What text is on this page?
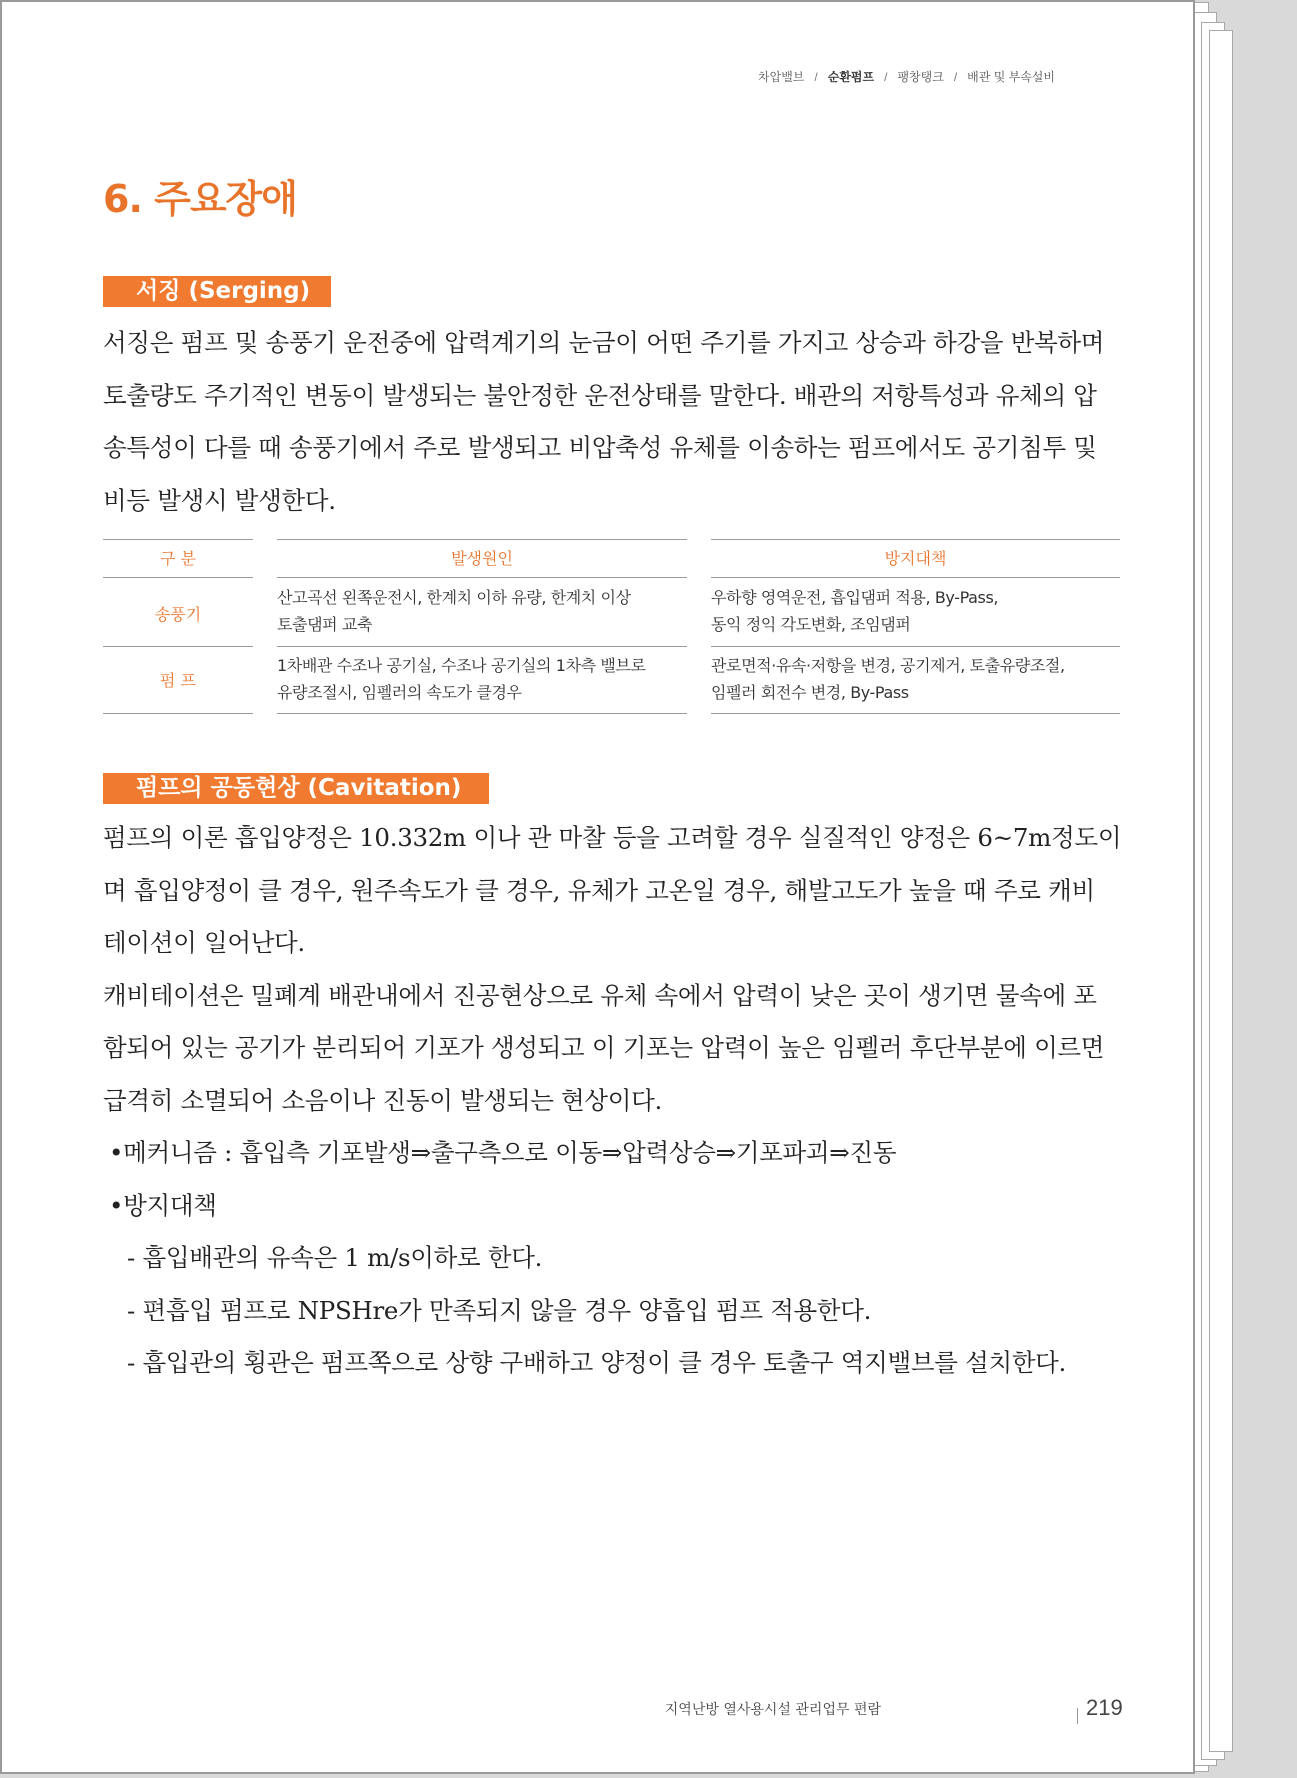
차압밸브 / 순환펌프 / 팽창탱크 / 배관 및 부속설비
6. 주요장애
서징 (Serging)

서징은 펌프 및 송풍기 운전중에 압력계기의 눈금이 어떤 주기를 가지고 상승과 하강을 반복하며
토출량도 주기적인 변동이 발생되는 불안정한 운전상태를 말한다. 배관의 저항특성과 유체의 압
송특성이 다를 때 송풍기에서 주로 발생되고 비압축성 유체를 이송하는 펌프에서도 공기침투 및
비등 발생시 발생한다.

구 분
송풍기
펌 프
발생원인
산고곡선 왼쪽운전시, 한계치 이하 유량, 한계치 이상
토출댐퍼 교축
1차배관 수조나 공기실, 수조나 공기실의 1차측 밸브로
유량조절시, 임펠러의 속도가 클경우
방지대책
우하향 영역운전, 흡입댐퍼 적용, By-Pass,
동익 정익 각도변화, 조임댐퍼
관로면적·유속·저항을 변경, 공기제거, 토출유량조절,
임펠러 회전수 변경, By-Pass
펌프의 공동현상 (Cavitation)

펌프의 이론 흡입양정은 10.332m 이나 관 마찰 등을 고려할 경우 실질적인 양정은 6~7m정도이
며 흡입양정이 클 경우, 원주속도가 클 경우, 유체가 고온일 경우, 해발고도가 높을 때 주로 캐비
테이션이 일어난다.
캐비테이션은 밀폐계 배관내에서 진공현상으로 유체 속에서 압력이 낮은 곳이 생기면 물속에 포
함되어 있는 공기가 분리되어 기포가 생성되고 이 기포는 압력이 높은 임펠러 후단부분에 이르면
급격히 소멸되어 소음이나 진동이 발생되는 현상이다.
•메커니즘 : 흡입측 기포발생⇒출구측으로 이동⇒압력상승⇒기포파괴⇒진동
•방지대책
- 흡입배관의 유속은 1 m/s이하로 한다.
- 편흡입 펌프로 NPSHre가 만족되지 않을 경우 양흡입 펌프 적용한다.
- 흡입관의 횡관은 펌프쪽으로 상향 구배하고 양정이 클 경우 토출구 역지밸브를 설치한다.

지역난방 열사용시설 관리업무 편람	219
